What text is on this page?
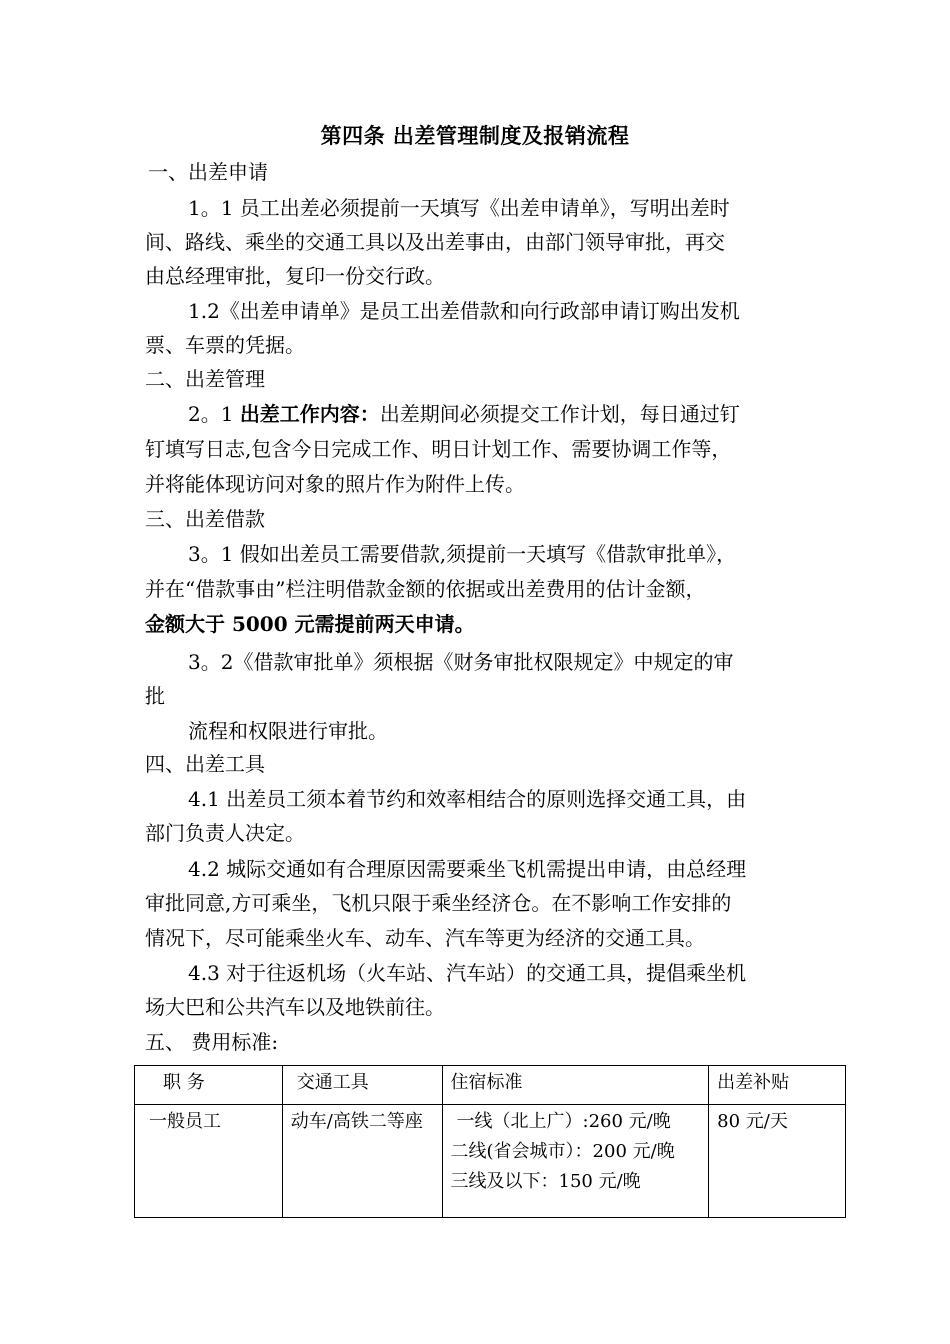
第四条 出差管理制度及报销流程
一、出差申请
1。1 员工出差必须提前一天填写《出差申请单》，写明出差时
间、路线、乘坐的交通工具以及出差事由，由部门领导审批，再交
由总经理审批，复印一份交行政。
1.2《出差申请单》是员工出差借款和向行政部申请订购出发机
票、车票的凭据。
二、出差管理
2。1 出差工作内容：出差期间必须提交工作计划，每日通过钉
钉填写日志,包含今日完成工作、明日计划工作、需要协调工作等，
并将能体现访问对象的照片作为附件上传。
三、出差借款
3。1 假如出差员工需要借款,须提前一天填写《借款审批单》，
并在“借款事由”栏注明借款金额的依据或出差费用的估计金额，
金额大于 5000 元需提前两天申请。
3。2《借款审批单》须根据《财务审批权限规定》中规定的审
批
流程和权限进行审批。
四、出差工具
4.1 出差员工须本着节约和效率相结合的原则选择交通工具，由
部门负责人决定。
4.2 城际交通如有合理原因需要乘坐飞机需提出申请，由总经理
审批同意,方可乘坐，飞机只限于乘坐经济仓。在不影响工作安排的
情况下，尽可能乘坐火车、动车、汽车等更为经济的交通工具。
4.3 对于往返机场（火车站、汽车站）的交通工具，提倡乘坐机
场大巴和公共汽车以及地铁前往。
五、 费用标准:
职 务	交通工具	住宿标准	出差补贴

一般员工	动车/高铁二等座	一线（北上广）:260 元/晚
二线(省会城市）：200 元/晚
三线及以下：150 元/晚	80 元/天
